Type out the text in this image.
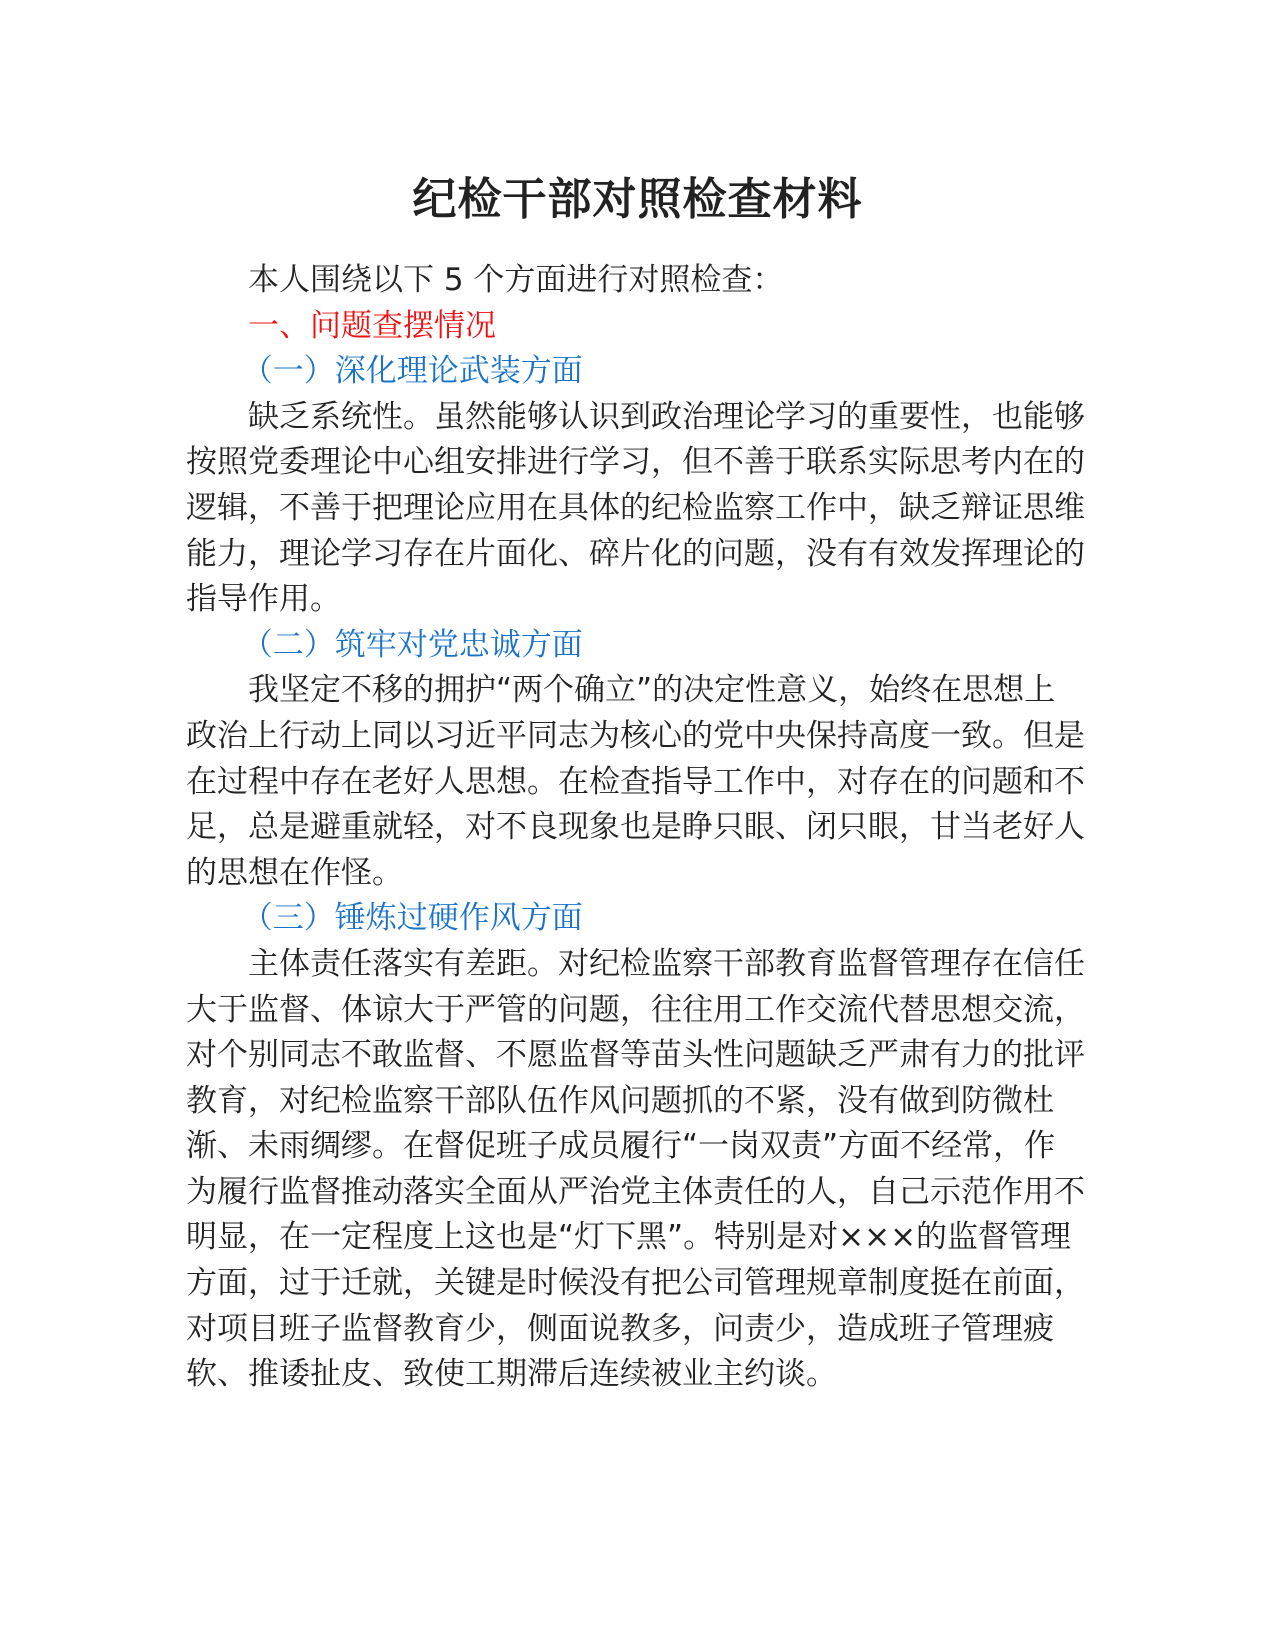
纪检干部对照检查材料
本人围绕以下 5 个方面进行对照检查：
一、问题查摆情况
（一）深化理论武装方面
缺乏系统性。虽然能够认识到政治理论学习的重要性，也能够按照党委理论中心组安排进行学习，但不善于联系实际思考内在的逻辑，不善于把理论应用在具体的纪检监察工作中，缺乏辩证思维能力，理论学习存在片面化、碎片化的问题，没有有效发挥理论的指导作用。
（二）筑牢对党忠诚方面
我坚定不移的拥护“两个确立”的决定性意义，始终在思想上政治上行动上同以习近平同志为核心的党中央保持高度一致。但是在过程中存在老好人思想。在检查指导工作中，对存在的问题和不足，总是避重就轻，对不良现象也是睁只眼、闭只眼，甘当老好人的思想在作怪。
（三）锤炼过硬作风方面
主体责任落实有差距。对纪检监察干部教育监督管理存在信任大于监督、体谅大于严管的问题，往往用工作交流代替思想交流，对个别同志不敢监督、不愿监督等苗头性问题缺乏严肃有力的批评教育，对纪检监察干部队伍作风问题抓的不紧，没有做到防微杜渐、未雨绸缪。在督促班子成员履行“一岗双责”方面不经常，作为履行监督推动落实全面从严治党主体责任的人，自己示范作用不明显，在一定程度上这也是“灯下黑”。特别是对×××的监督管理方面，过于迁就，关键是时候没有把公司管理规章制度挺在前面，对项目班子监督教育少，侧面说教多，问责少，造成班子管理疲软、推诿扯皮、致使工期滞后连续被业主约谈。
